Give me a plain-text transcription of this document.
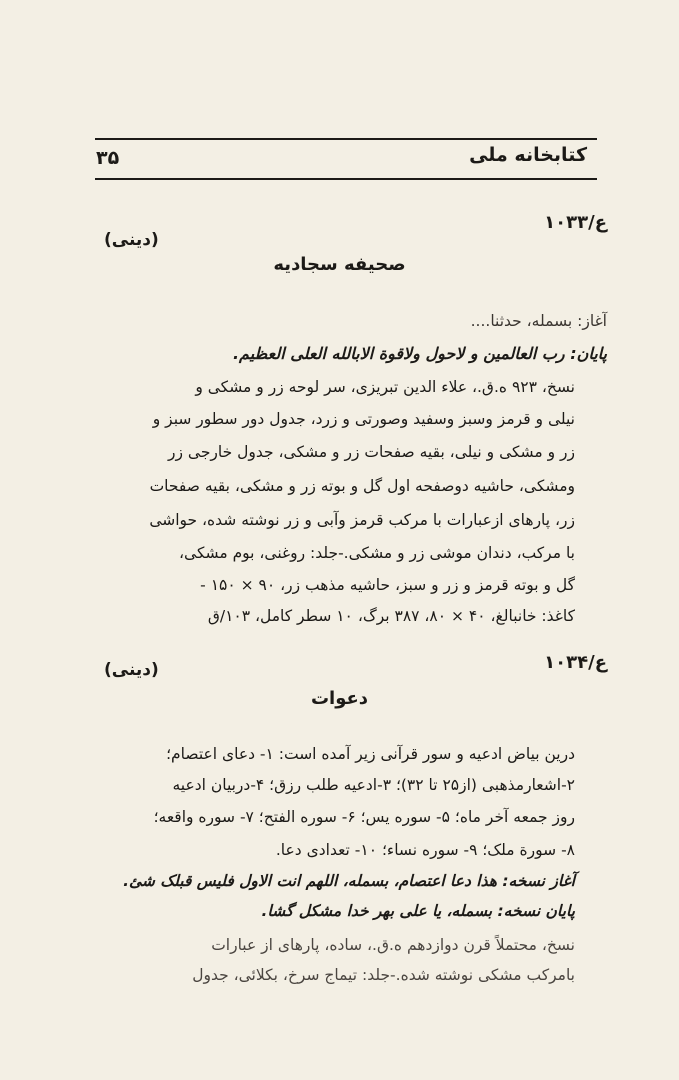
کتابخانه ملی
۳۵
ع/۱۰۳۳
(دینی)
صحیفه سجادیه
آغاز: بسمله، حدثنا....
پایان: رب العالمین و لاحول ولاقوة الابالله العلی العظیم.
نسخ، ۹۲۳ ه.ق.، علاء الدین تبریزی، سر لوحه زر و مشکی و
نیلی و قرمز وسبز وسفید وصورتی و زرد، جدول دور سطور سبز و
زر و مشکی و نیلی، بقیه صفحات زر و مشکی، جدول خارجی زر
ومشکی، حاشیه دوصفحه اول گل و بوته زر و مشکی، بقیه صفحات
زر، پارهای ازعبارات با مرکب قرمز وآبی و زر نوشته شده، حواشی
با مرکب، دندان موشی زر و مشکی.-جلد: روغنی، بوم مشکی،
گل و بوته قرمز و زر و سبز، حاشیه مذهب زر، ۹۰ × ۱۵۰ -
کاغذ: خانبالغ، ۴۰ × ۸۰، ۳۸۷ برگ، ۱۰ سطر کامل، ۱۰۳/ق
ع/۱۰۳۴
(دینی)
دعوات
درین بیاض ادعیه و سور قرآنی زیر آمده است: ۱- دعای اعتصام؛
۲-اشعارمذهبی (از۲۵ تا ۳۲)؛ ۳-ادعیه طلب رزق؛ ۴-دربیان ادعیه
روز جمعه آخر ماه؛ ۵- سوره یس؛ ۶- سوره الفتح؛ ۷- سوره واقعه؛
۸- سورة ملک؛ ۹- سوره نساء؛ ۱۰- تعدادی دعا.
آغاز نسخه: هذا دعا اعتصام، بسمله، اللهم انت الاول فلیس قبلک شئ.
پایان نسخه: بسمله، یا علی بهر خدا مشکل گشا.
نسخ، محتملاً قرن دوازدهم ه.ق.، ساده، پارهای از عبارات
بامرکب مشکی نوشته شده.-جلد: تیماج سرخ، بکلائی، جدول
